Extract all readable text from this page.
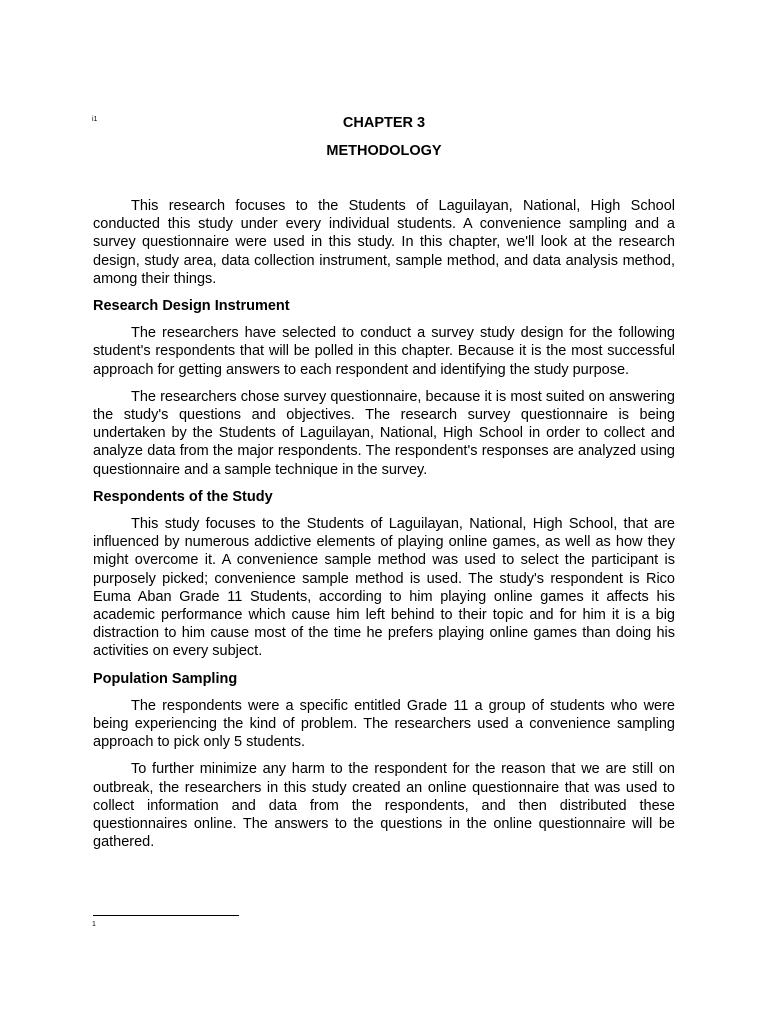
i1	CHAPTER 3
METHODOLOGY

This research focuses to the Students of Laguilayan, National, High School conducted this study under every individual students. A convenience sampling and a survey questionnaire were used in this study. In this chapter, we'll look at the research design, study area, data collection instrument, sample method, and data analysis method, among their things.

Research Design Instrument

The researchers have selected to conduct a survey study design for the following student's respondents that will be polled in this chapter. Because it is the most successful approach for getting answers to each respondent and identifying the study purpose.

The researchers chose survey questionnaire, because it is most suited on answering the study's questions and objectives. The research survey questionnaire is being undertaken by the Students of Laguilayan, National, High School in order to collect and analyze data from the major respondents. The respondent's responses are analyzed using questionnaire and a sample technique in the survey.

Respondents of the Study

This study focuses to the Students of Laguilayan, National, High School, that are influenced by numerous addictive elements of playing online games, as well as how they might overcome it. A convenience sample method was used to select the participant is purposely picked; convenience sample method is used. The study's respondent is Rico Euma Aban Grade 11 Students, according to him playing online games it affects his academic performance which cause him left behind to their topic and for him it is a big distraction to him cause most of the time he prefers playing online games than doing his activities on every subject.

Population Sampling

The respondents were a specific entitled Grade 11 a group of students who were being experiencing the kind of problem. The researchers used a convenience sampling approach to pick only 5 students.

To further minimize any harm to the respondent for the reason that we are still on outbreak, the researchers in this study created an online questionnaire that was used to collect information and data from the respondents, and then distributed these questionnaires online. The answers to the questions in the online questionnaire will be gathered.

1
